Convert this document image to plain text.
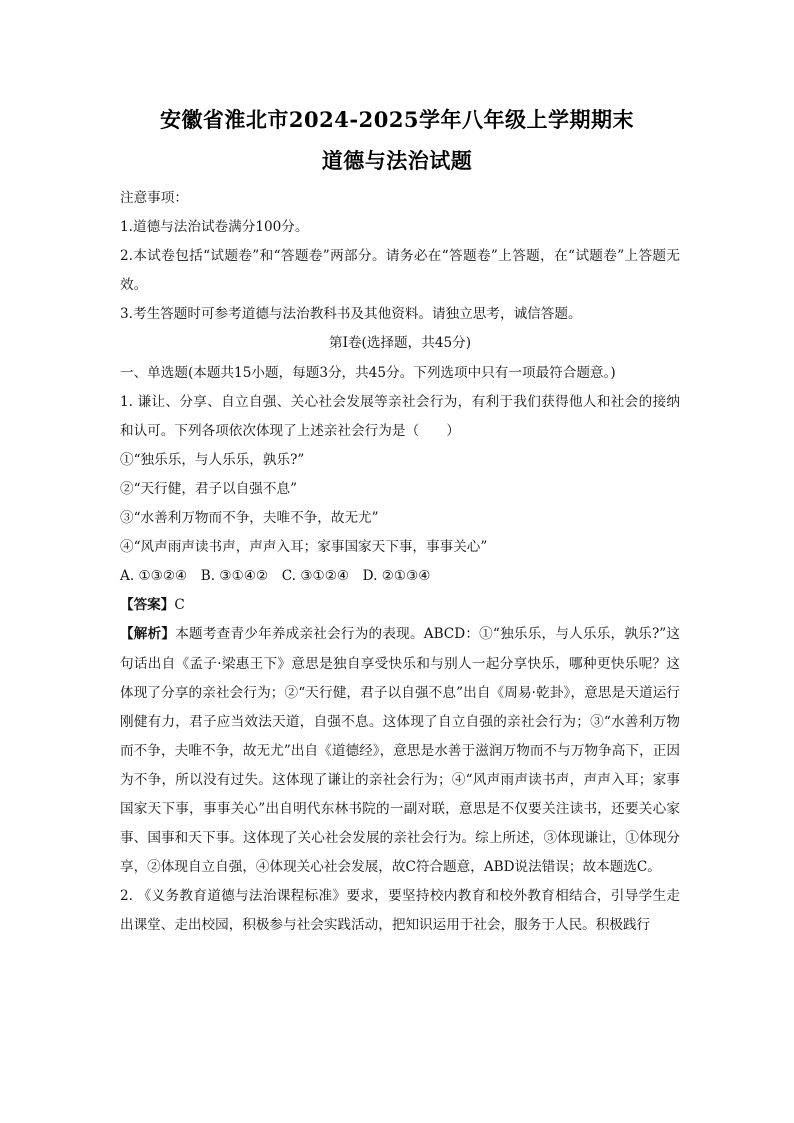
安徽省淮北市2024-2025学年八年级上学期期末
道德与法治试题

注意事项：

1.道德与法治试卷满分100分。

2.本试卷包括“试题卷”和“答题卷”两部分。请务必在“答题卷”上答题，在“试题卷”上答题无效。

3.考生答题时可参考道德与法治教科书及其他资料。请独立思考，诚信答题。

第Ⅰ卷(选择题，共45分)

一、单选题(本题共15小题，每题3分，共45分。下列选项中只有一项最符合题意。)

1. 谦让、分享、自立自强、关心社会发展等亲社会行为，有利于我们获得他人和社会的接纳和认可。下列各项依次体现了上述亲社会行为是（　　）

①“独乐乐，与人乐乐，孰乐?”

②“天行健，君子以自强不息”

③“水善利万物而不争，夫唯不争，故无尤”

④“风声雨声读书声，声声入耳；家事国家天下事，事事关心”

A. ①③②④　B. ③①④②　C. ③①②④　D. ②①③④

【答案】C

【解析】本题考查青少年养成亲社会行为的表现。ABCD：①“独乐乐，与人乐乐，孰乐?”这句话出自《孟子·梁惠王下》意思是独自享受快乐和与别人一起分享快乐，哪种更快乐呢？这体现了分享的亲社会行为；②“天行健，君子以自强不息”出自《周易·乾卦》，意思是天道运行刚健有力，君子应当效法天道，自强不息。这体现了自立自强的亲社会行为；③“水善利万物而不争，夫唯不争，故无尤”出自《道德经》，意思是水善于滋润万物而不与万物争高下，正因为不争，所以没有过失。这体现了谦让的亲社会行为；④“风声雨声读书声，声声入耳；家事国家天下事，事事关心”出自明代东林书院的一副对联，意思是不仅要关注读书，还要关心家事、国事和天下事。这体现了关心社会发展的亲社会行为。综上所述，③体现谦让，①体现分享，②体现自立自强，④体现关心社会发展，故C符合题意，ABD说法错误；故本题选C。

2. 《义务教育道德与法治课程标准》要求，要坚持校内教育和校外教育相结合，引导学生走出课堂、走出校园，积极参与社会实践活动，把知识运用于社会，服务于人民。积极践行
